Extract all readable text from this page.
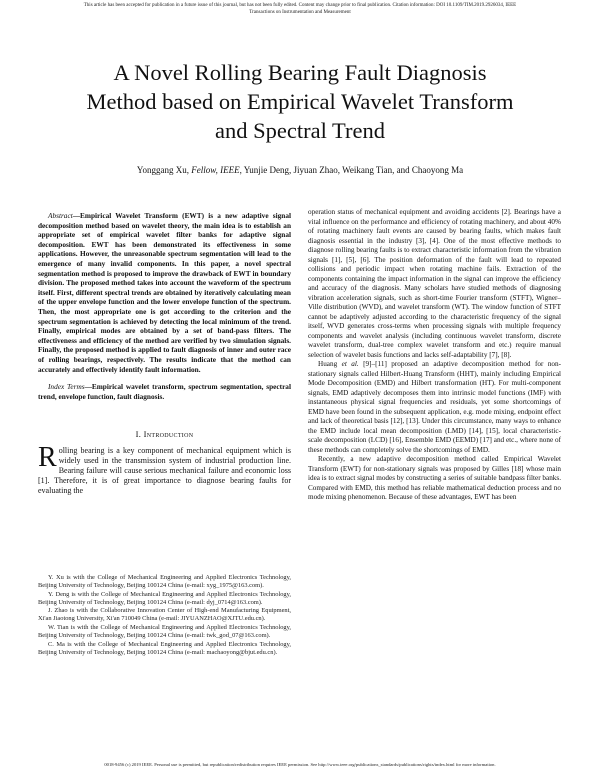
This article has been accepted for publication in a future issue of this journal, but has not been fully edited. Content may change prior to final publication. Citation information: DOI 10.1109/TIM.2019.2926034, IEEE
Transactions on Instrumentation and Measurement
A Novel Rolling Bearing Fault Diagnosis
Method based on Empirical Wavelet Transform
and Spectral Trend
Yonggang Xu, Fellow, IEEE, Yunjie Deng, Jiyuan Zhao, Weikang Tian, and Chaoyong Ma

Abstract—Empirical Wavelet Transform (EWT) is a new adaptive signal decomposition method based on wavelet theory, the main idea is to establish an appropriate set of empirical wavelet filter banks for adaptive signal decomposition. EWT has been demonstrated its effectiveness in some applications. However, the unreasonable spectrum segmentation will lead to the emergence of many invalid components. In this paper, a novel spectral segmentation method is proposed to improve the drawback of EWT in boundary division. The proposed method takes into account the waveform of the spectrum itself. First, different spectral trends are obtained by iteratively calculating mean of the upper envelope function and the lower envelope function of the spectrum. Then, the most appropriate one is got according to the criterion and the spectrum segmentation is achieved by detecting the local minimum of the trend. Finally, empirical modes are obtained by a set of band-pass filters. The effectiveness and efficiency of the method are verified by two simulation signals. Finally, the proposed method is applied to fault diagnosis of inner and outer race of rolling bearings, respectively. The results indicate that the method can accurately and effectively identify fault information.

Index Terms—Empirical wavelet transform, spectrum segmentation, spectral trend, envelope function, fault diagnosis.

I. Introduction

Rolling bearing is a key component of mechanical equipment which is widely used in the transmission system of industrial production line. Bearing failure will cause serious mechanical failure and economic loss [1]. Therefore, it is of great importance to diagnose bearing faults for evaluating the

Y. Xu is with the College of Mechanical Engineering and Applied Electronics Technology, Beijing University of Technology, Beijing 100124 China (e-mail: xyg_1975@163.com).

Y. Deng is with the College of Mechanical Engineering and Applied Electronics Technology, Beijing University of Technology, Beijing 100124 China (e-mail: dyj_0714@163.com).

J. Zhao is with the Collaborative Innovation Center of High-end Manufacturing Equipment, Xi'an Jiaotong University, Xi'an 710049 China (e-mail: JIYUANZHAO@XJTU.edu.cn).

W. Tian is with the College of Mechanical Engineering and Applied Electronics Technology, Beijing University of Technology, Beijing 100124 China (e-mail: twk_god_07@163.com).

C. Ma is with the College of Mechanical Engineering and Applied Electronics Technology, Beijing University of Technology, Beijing 100124 China (e-mail: machaoyong@bjut.edu.cn).

operation status of mechanical equipment and avoiding accidents [2]. Bearings have a vital influence on the performance and efficiency of rotating machinery, and about 40% of rotating machinery fault events are caused by bearing faults, which makes fault diagnosis essential in the industry [3], [4]. One of the most effective methods to diagnose rolling bearing faults is to extract characteristic information from the vibration signals [1], [5], [6]. The position deformation of the fault will lead to repeated collisions and periodic impact when rotating machine fails. Extraction of the components containing the impact information in the signal can improve the efficiency and accuracy of the diagnosis. Many scholars have studied methods of diagnosing vibration acceleration signals, such as short-time Fourier transform (STFT), Wigner–Ville distribution (WVD), and wavelet transform (WT). The window function of STFT cannot be adaptively adjusted according to the characteristic frequency of the signal itself, WVD generates cross-terms when processing signals with multiple frequency components and wavelet analysis (including continuous wavelet transform, discrete wavelet transform, dual-tree complex wavelet transform and etc.) require manual selection of wavelet basis functions and lacks self-adaptability [7], [8].

Huang et al. [9]–[11] proposed an adaptive decomposition method for non-stationary signals called Hilbert-Huang Transform (HHT), mainly including Empirical Mode Decomposition (EMD) and Hilbert transformation (HT). For multi-component signals, EMD adaptively decomposes them into intrinsic model functions (IMF) with instantaneous physical signal frequencies and residuals, yet some shortcomings of EMD have been found in the subsequent application, e.g. mode mixing, endpoint effect and lack of theoretical basis [12], [13]. Under this circumstance, many ways to enhance the EMD include local mean decomposition (LMD) [14], [15], local characteristic-scale decomposition (LCD) [16], Ensemble EMD (EEMD) [17] and etc., where none of these methods can completely solve the shortcomings of EMD.

Recently, a new adaptive decomposition method called Empirical Wavelet Transform (EWT) for non-stationary signals was proposed by Gilles [18] whose main idea is to extract signal modes by constructing a series of suitable bandpass filter banks. Compared with EMD, this method has reliable mathematical deduction process and no mode mixing phenomenon. Because of these advantages, EWT has been

0018-9456 (c) 2019 IEEE. Personal use is permitted, but republication/redistribution requires IEEE permission. See http://www.ieee.org/publications_standards/publications/rights/index.html for more information.
